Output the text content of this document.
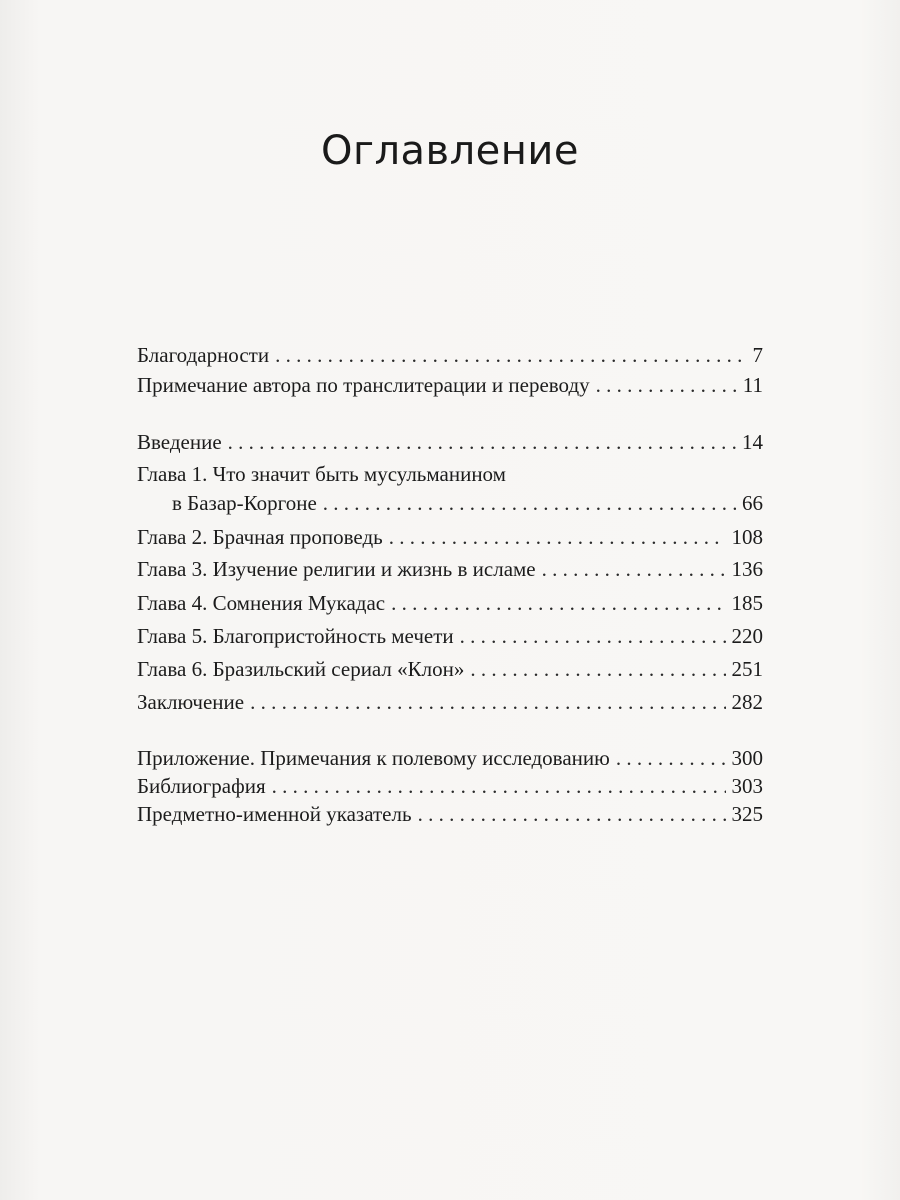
Оглавление
Благодарности . . .	7
Примечание автора по транслитерации и переводу . . .	11
Введение . . .	14
Глава 1. Что значит быть мусульманином
в Базар-Коргоне . . .	66
Глава 2. Брачная проповедь . . .	108
Глава 3. Изучение религии и жизнь в исламе . . .	136
Глава 4. Сомнения Мукадас . . .	185
Глава 5. Благопристойность мечети . . .	220
Глава 6. Бразильский сериал «Клон» . . .	251
Заключение . . .	282
Приложение. Примечания к полевому исследованию . . .	300
Библиография . . .	303
Предметно-именной указатель . . .	325
